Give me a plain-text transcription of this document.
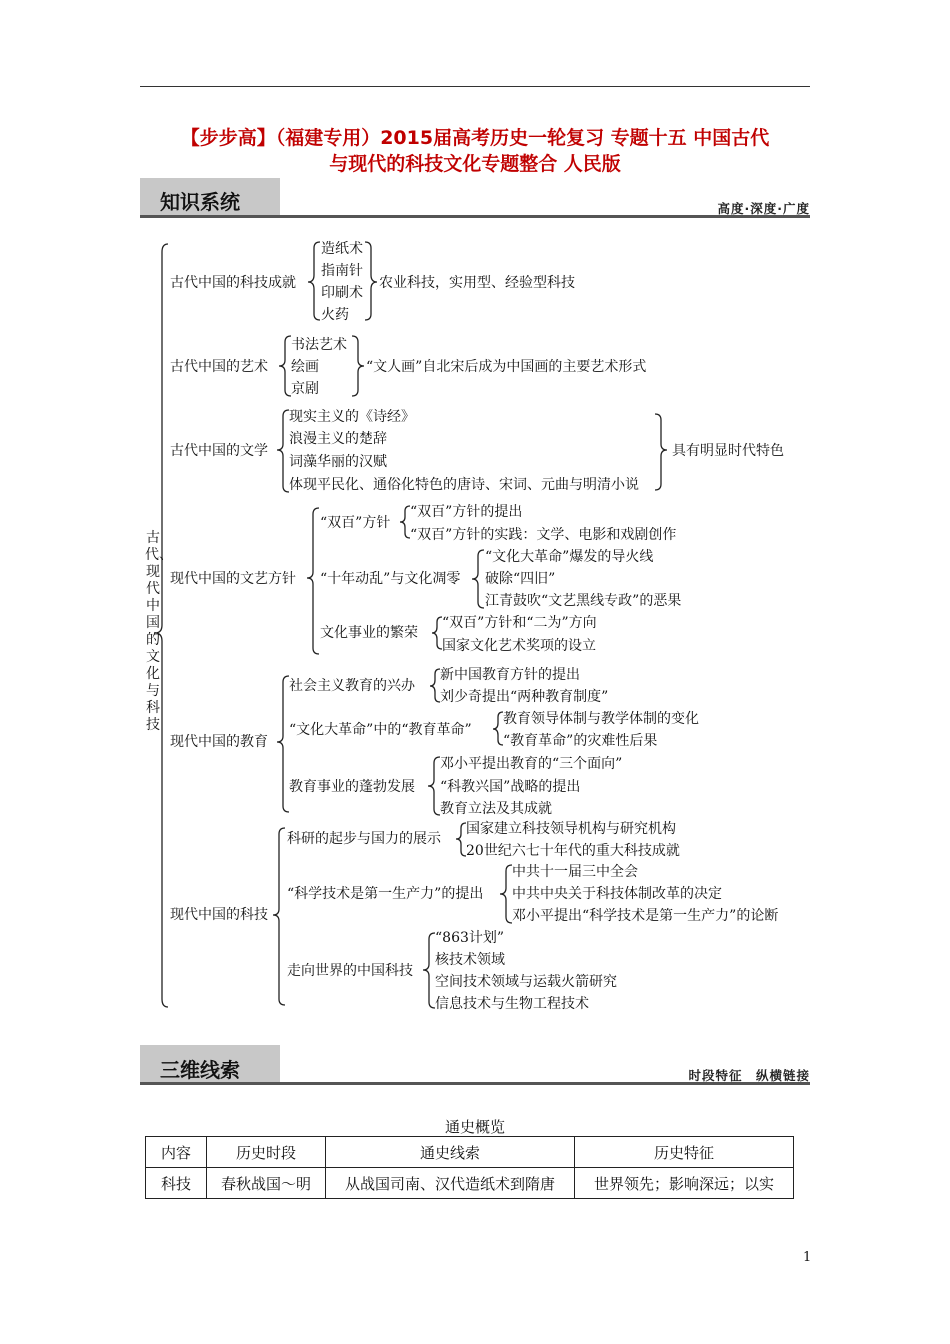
【步步高】（福建专用）2015届高考历史一轮复习 专题十五 中国古代
与现代的科技文化专题整合 人民版
知识系统	高度·深度·广度
古代、现代中国的文化与科技
古代中国的科技成就
造纸术
指南针
印刷术
火药
农业科技，实用型、经验型科技
古代中国的艺术
书法艺术
绘画
京剧
“文人画”自北宋后成为中国画的主要艺术形式
古代中国的文学
现实主义的《诗经》
浪漫主义的楚辞
词藻华丽的汉赋
体现平民化、通俗化特色的唐诗、宋词、元曲与明清小说
具有明显时代特色
现代中国的文艺方针
“双百”方针
“双百”方针的提出
“双百”方针的实践：文学、电影和戏剧创作
“十年动乱”与文化凋零
“文化大革命”爆发的导火线
破除“四旧”
江青鼓吹“文艺黑线专政”的恶果
文化事业的繁荣
“双百”方针和“二为”方向
国家文化艺术奖项的设立
现代中国的教育
社会主义教育的兴办
新中国教育方针的提出
刘少奇提出“两种教育制度”
“文化大革命”中的“教育革命”
教育领导体制与教学体制的变化
“教育革命”的灾难性后果
教育事业的蓬勃发展
邓小平提出教育的“三个面向”
“科教兴国”战略的提出
教育立法及其成就
现代中国的科技
科研的起步与国力的展示
国家建立科技领导机构与研究机构
20世纪六七十年代的重大科技成就
“科学技术是第一生产力”的提出
中共十一届三中全会
中共中央关于科技体制改革的决定
邓小平提出“科学技术是第一生产力”的论断
走向世界的中国科技
“863计划”
核技术领域
空间技术领域与运载火箭研究
信息技术与生物工程技术
三维线索	时段特征　纵横链接
通史概览
内容	历史时段	通史线索	历史特征
科技	春秋战国～明	从战国司南、汉代造纸术到隋唐	世界领先；影响深远；以实
1
